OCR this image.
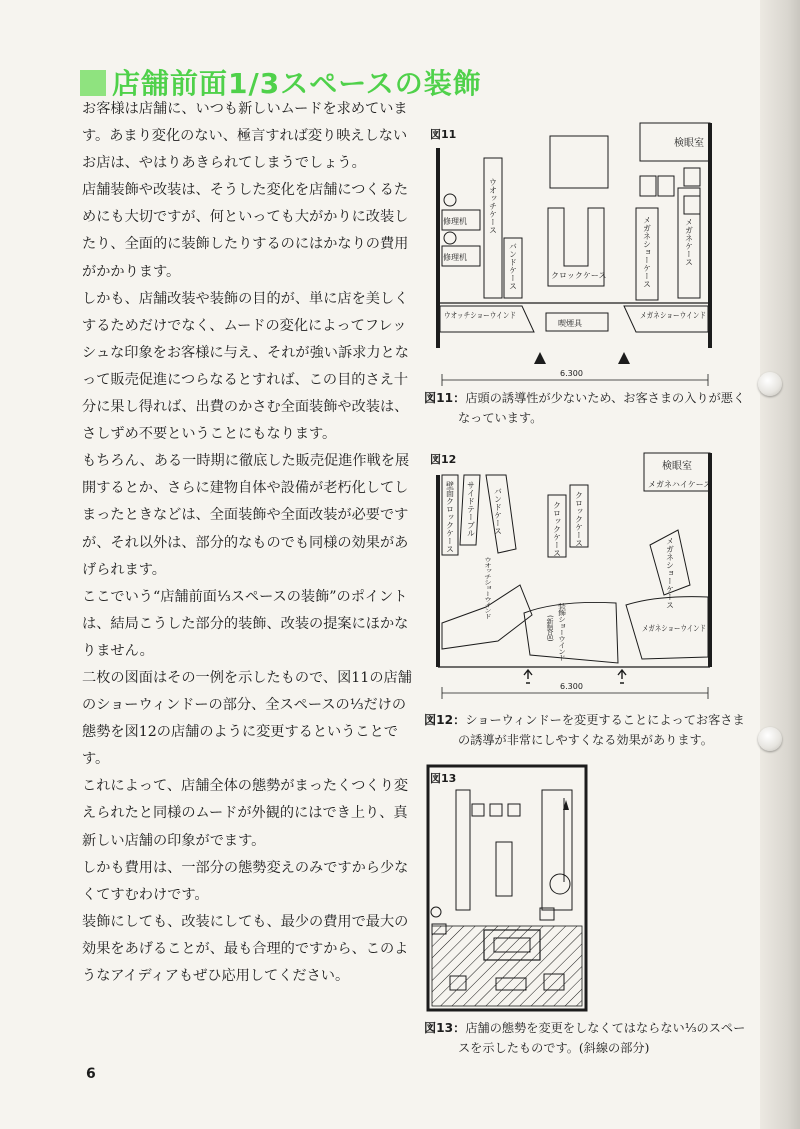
店舗前面1/3スペースの装飾

お客様は店舗に、いつも新しいムードを求めています。あまり変化のない、極言すれば変り映えしないお店は、やはりあきられてしまうでしょう。

店舗装飾や改装は、そうした変化を店舗につくるためにも大切ですが、何といっても大がかりに改装したり、全面的に装飾したりするのにはかなりの費用がかかります。

しかも、店舗改装や装飾の目的が、単に店を美しくするためだけでなく、ムードの変化によってフレッシュな印象をお客様に与え、それが強い訴求力となって販売促進につらなるとすれば、この目的さえ十分に果し得れば、出費のかさむ全面装飾や改装は、さしずめ不要ということにもなります。

もちろん、ある一時期に徹底した販売促進作戦を展開するとか、さらに建物自体や設備が老朽化してしまったときなどは、全面装飾や全面改装が必要ですが、それ以外は、部分的なものでも同様の効果があげられます。

ここでいう“店舗前面⅓スペースの装飾”のポイントは、結局こうした部分的装飾、改装の提案にほかなりません。

二枚の図面はその一例を示したもので、図11の店舗のショーウィンドーの部分、全スペースの⅓だけの態勢を図12の店舗のように変更するということです。

これによって、店舗全体の態勢がまったくつくり変えられたと同様のムードが外観的にはでき上り、真新しい店舗の印象がでます。

しかも費用は、一部分の態勢変えのみですから少なくてすむわけです。

装飾にしても、改装にしても、最少の費用で最大の効果をあげることが、最も合理的ですから、このようなアイディアもぜひ応用してください。

図11
検眼室
修理机
修理机
ウオッチケース
バンドケース	クロックケース	メガネショーケース	メガネケース
ウオッチショーウインド
喫煙具
メガネショーウインド
6.300
図11：店頭の誘導性が少ないため、お客さまの入りが悪く
なっています。
図12
検眼室
メガネハイケース
壁面クロックケース サイドテーブル バンドケース	クロックケース クロックケース
メガネショーケース
ウオッチショーウインド	装飾ショーウインド
(新製品)	メガネショーウインド
6.300
図12：ショーウィンドーを変更することによってお客さま
の誘導が非常にしやすくなる効果があります。
図13
図13：店舗の態勢を変更をしなくてはならない⅓のスペー
スを示したものです。(斜線の部分)
6
